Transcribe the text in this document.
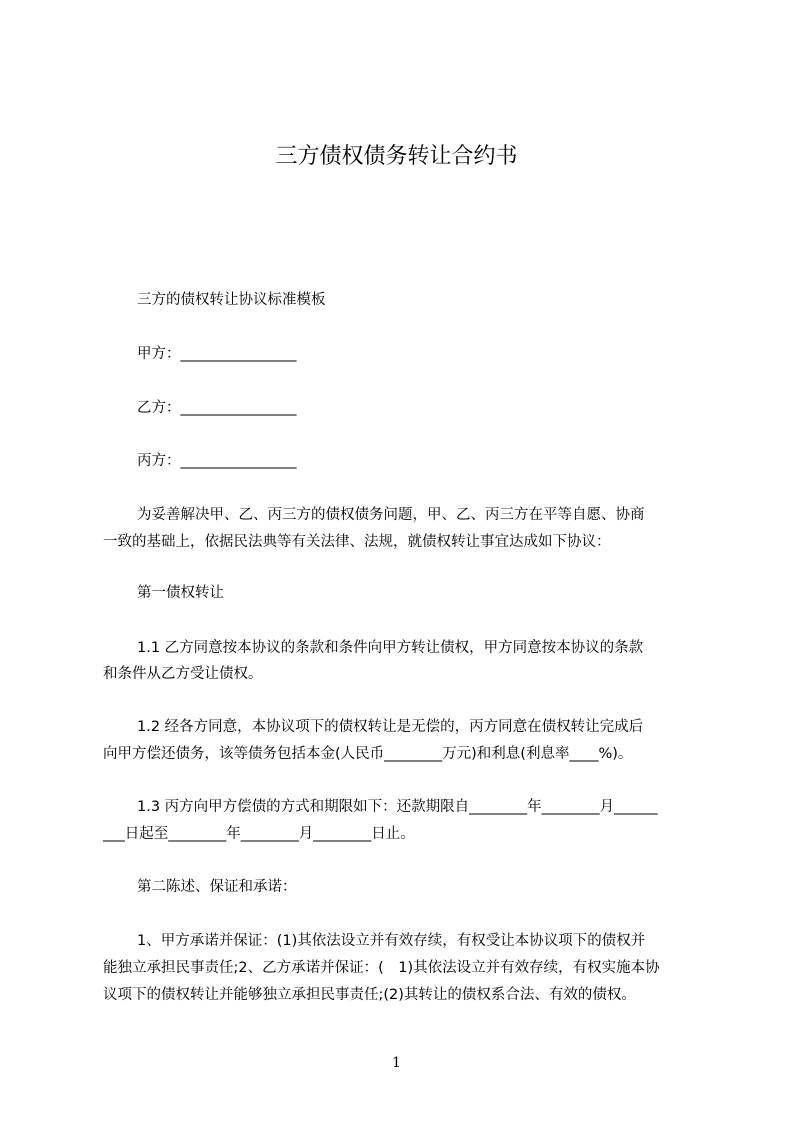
三方债权债务转让合约书
三方的债权转让协议标准模板
甲方：________________
乙方：________________
丙方：________________
为妥善解决甲、乙、丙三方的债权债务问题，甲、乙、丙三方在平等自愿、协商
一致的基础上，依据民法典等有关法律、法规，就债权转让事宜达成如下协议：
第一债权转让
1.1 乙方同意按本协议的条款和条件向甲方转让债权，甲方同意按本协议的条款
和条件从乙方受让债权。
1.2 经各方同意，本协议项下的债权转让是无偿的，丙方同意在债权转让完成后
向甲方偿还债务，该等债务包括本金(人民币________万元)和利息(利息率____%)。
1.3 丙方向甲方偿债的方式和期限如下：还款期限自________年________月______
___日起至________年________月________日止。
第二陈述、保证和承诺：
1、甲方承诺并保证：(1)其依法设立并有效存续，有权受让本协议项下的债权并
能独立承担民事责任;2、乙方承诺并保证：(　1)其依法设立并有效存续，有权实施本协
议项下的债权转让并能够独立承担民事责任;(2)其转让的债权系合法、有效的债权。
1
